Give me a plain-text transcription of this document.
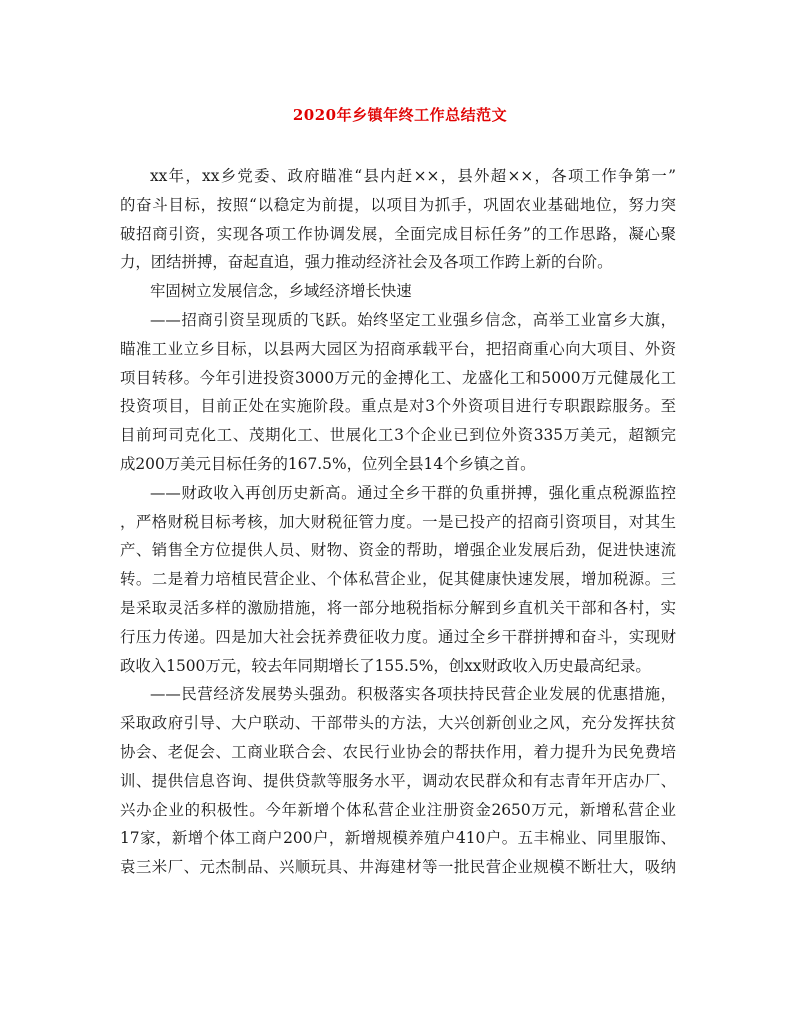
2020年乡镇年终工作总结范文
xx年，xx乡党委、政府瞄准“县内赶××，县外超××，各项工作争第一”
的奋斗目标，按照“以稳定为前提，以项目为抓手，巩固农业基础地位，努力突
破招商引资，实现各项工作协调发展，全面完成目标任务”的工作思路，凝心聚
力，团结拼搏，奋起直追，强力推动经济社会及各项工作跨上新的台阶。
牢固树立发展信念，乡域经济增长快速
——招商引资呈现质的飞跃。始终坚定工业强乡信念，高举工业富乡大旗，
瞄准工业立乡目标，以县两大园区为招商承载平台，把招商重心向大项目、外资
项目转移。今年引进投资3000万元的金搏化工、龙盛化工和5000万元健晟化工
投资项目，目前正处在实施阶段。重点是对3个外资项目进行专职跟踪服务。至
目前珂司克化工、茂期化工、世展化工3个企业已到位外资335万美元，超额完
成200万美元目标任务的167.5%，位列全县14个乡镇之首。
——财政收入再创历史新高。通过全乡干群的负重拼搏，强化重点税源监控
，严格财税目标考核，加大财税征管力度。一是已投产的招商引资项目，对其生
产、销售全方位提供人员、财物、资金的帮助，增强企业发展后劲，促进快速流
转。二是着力培植民营企业、个体私营企业，促其健康快速发展，增加税源。三
是采取灵活多样的激励措施，将一部分地税指标分解到乡直机关干部和各村，实
行压力传递。四是加大社会抚养费征收力度。通过全乡干群拼搏和奋斗，实现财
政收入1500万元，较去年同期增长了155.5%，创xx财政收入历史最高纪录。
——民营经济发展势头强劲。积极落实各项扶持民营企业发展的优惠措施，
采取政府引导、大户联动、干部带头的方法，大兴创新创业之风，充分发挥扶贫
协会、老促会、工商业联合会、农民行业协会的帮扶作用，着力提升为民免费培
训、提供信息咨询、提供贷款等服务水平，调动农民群众和有志青年开店办厂、
兴办企业的积极性。今年新增个体私营企业注册资金2650万元，新增私营企业
17家，新增个体工商户200户，新增规模养殖户410户。五丰棉业、同里服饰、
袁三米厂、元杰制品、兴顺玩具、井海建材等一批民营企业规模不断壮大，吸纳
